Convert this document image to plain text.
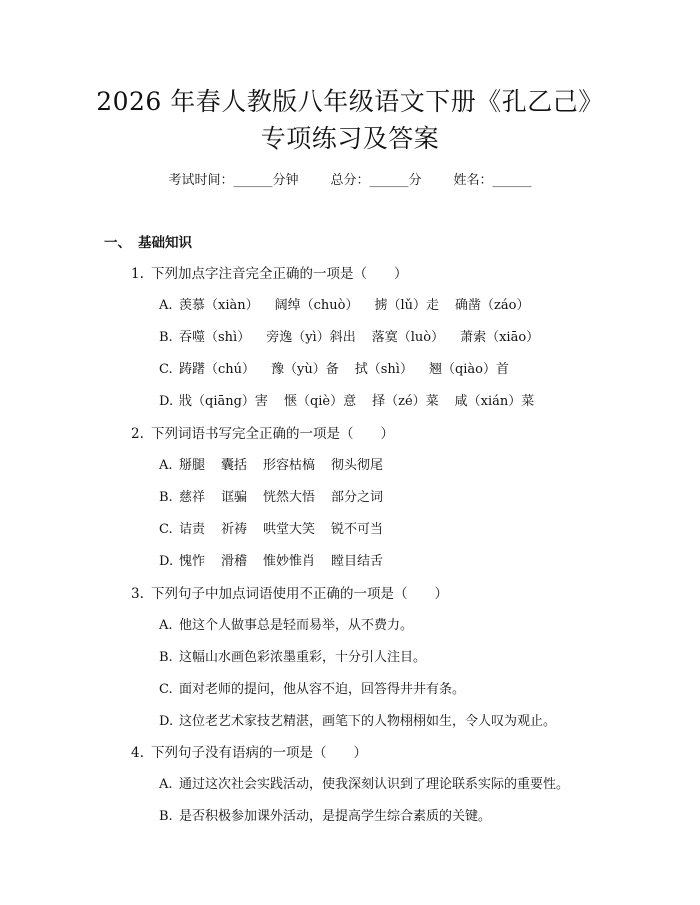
2026 年春人教版八年级语文下册《孔乙己》
专项练习及答案
考试时间：______分钟 总分：______分 姓名：______
一、 基础知识
1. 下列加点字注音完全正确的一项是（　　）
A. 羡慕（xiàn） 阔绰（chuò） 掳（lǔ）走 确凿（záo）
B. 吞噬（shì） 旁逸（yì）斜出 落寞（luò） 萧索（xiāo）
C. 踌躇（chú） 豫（yù）备 拭（shì） 翘（qiào）首
D. 戕（qiāng）害 惬（qiè）意 择（zé）菜 咸（xián）菜
2. 下列词语书写完全正确的一项是（　　）
A. 掰腿 囊括 形容枯槁 彻头彻尾
B. 慈祥 诓骗 恍然大悟 部分之词
C. 诘责 祈祷 哄堂大笑 锐不可当
D. 愧怍 滑稽 惟妙惟肖 瞠目结舌
3. 下列句子中加点词语使用不正确的一项是（　　）
A. 他这个人做事总是轻而易举，从不费力。
B. 这幅山水画色彩浓墨重彩，十分引人注目。
C. 面对老师的提问，他从容不迫，回答得井井有条。
D. 这位老艺术家技艺精湛，画笔下的人物栩栩如生，令人叹为观止。
4. 下列句子没有语病的一项是（　　）
A. 通过这次社会实践活动，使我深刻认识到了理论联系实际的重要性。
B. 是否积极参加课外活动，是提高学生综合素质的关键。
